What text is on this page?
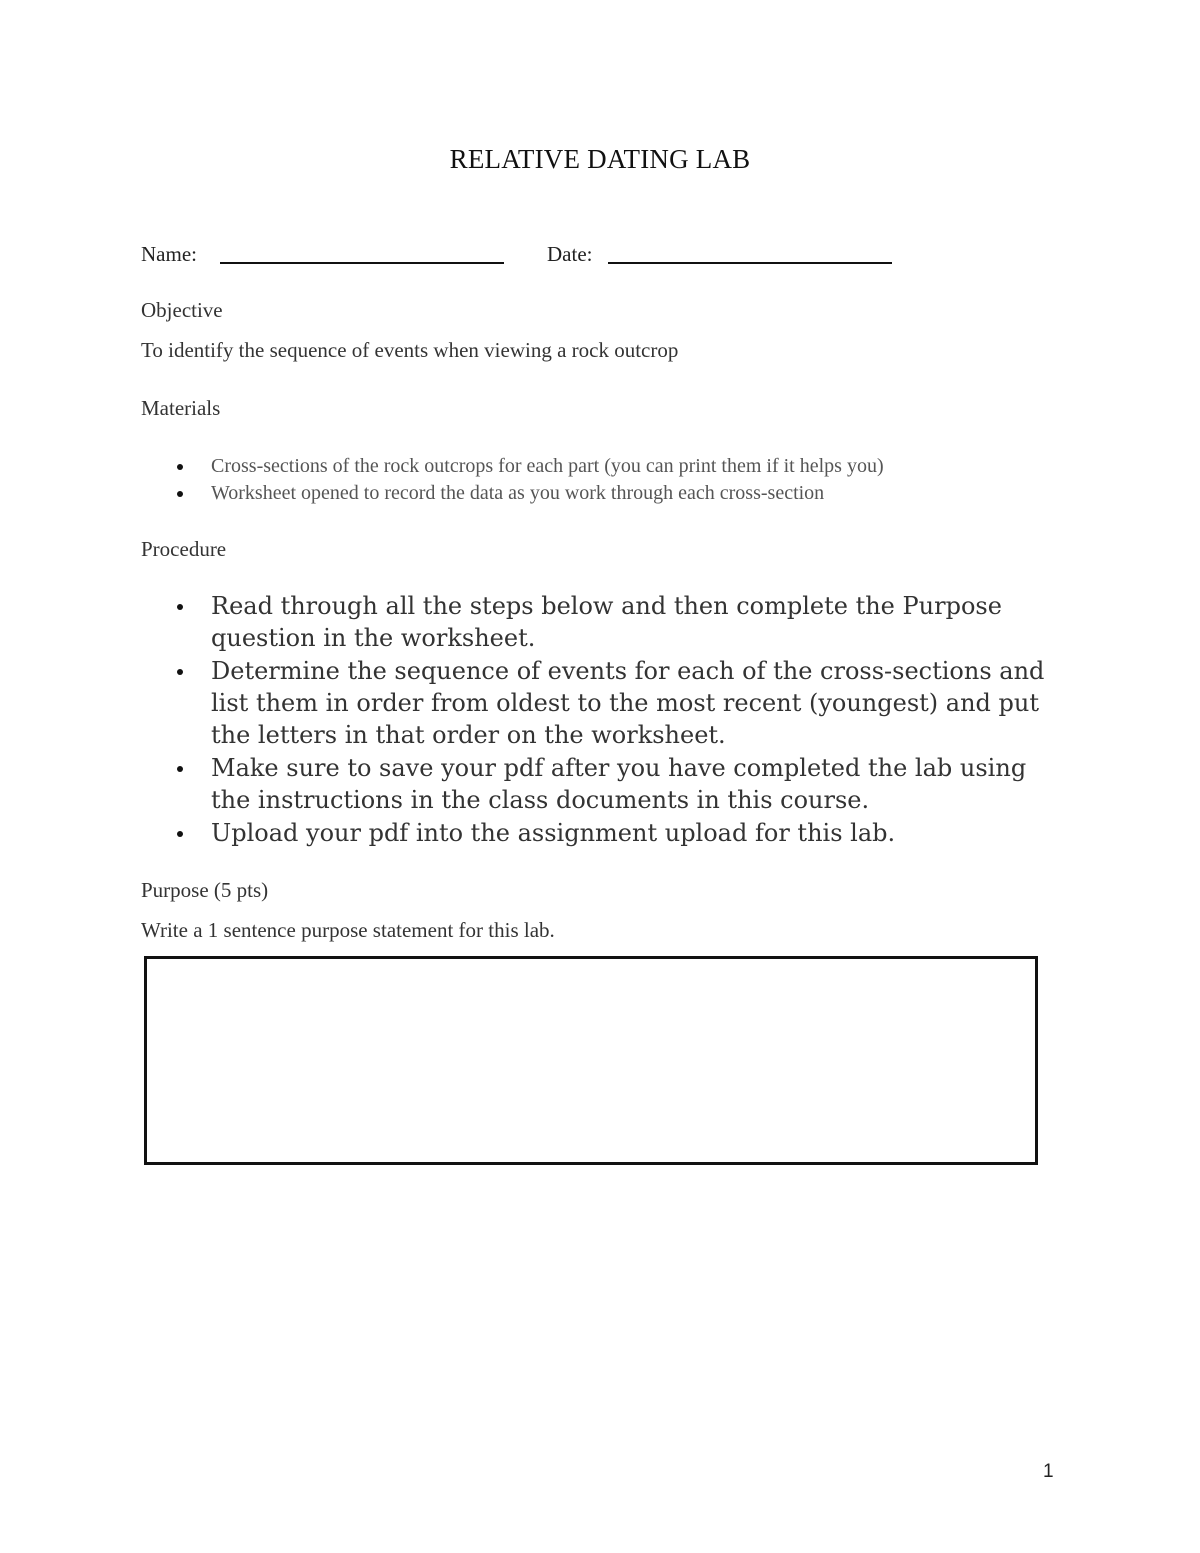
RELATIVE DATING LAB
Name:	Date:
Objective
To identify the sequence of events when viewing a rock outcrop
Materials
Cross-sections of the rock outcrops for each part (you can print them if it helps you)
Worksheet opened to record the data as you work through each cross-section
Procedure
Read through all the steps below and then complete the Purpose question in the worksheet.
Determine the sequence of events for each of the cross-sections and list them in order from oldest to the most recent (youngest) and put the letters in that order on the worksheet.
Make sure to save your pdf after you have completed the lab using the instructions in the class documents in this course.
Upload your pdf into the assignment upload for this lab.
Purpose (5 pts)
Write a 1 sentence purpose statement for this lab.
1
